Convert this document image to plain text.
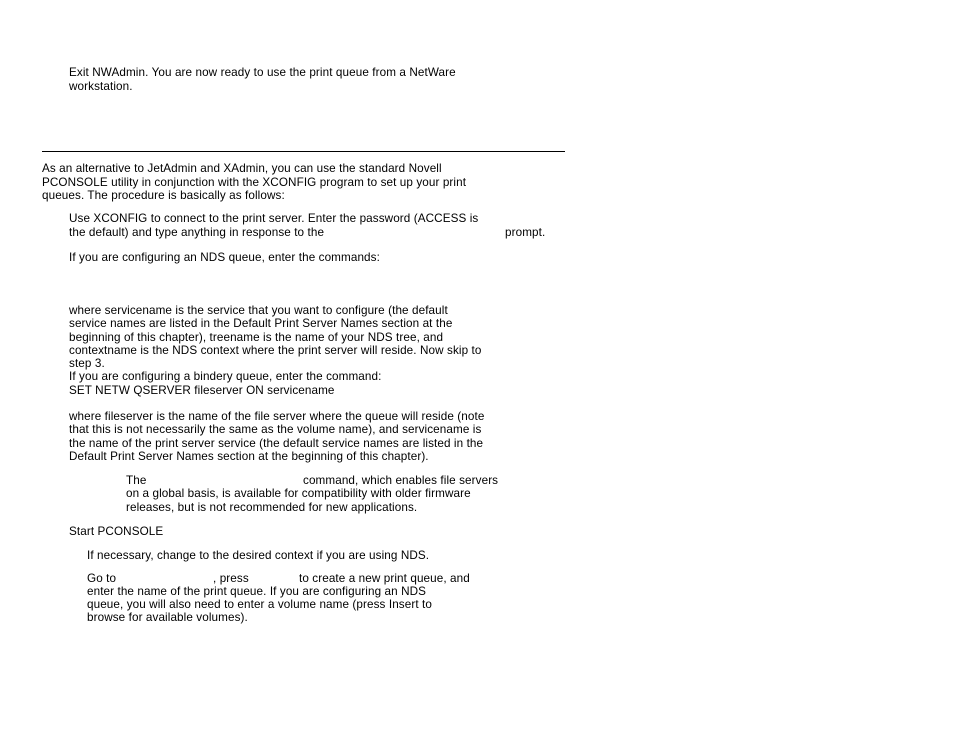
Exit NWAdmin. You are now ready to use the print queue from a NetWare

workstation.

As an alternative to JetAdmin and XAdmin, you can use the standard Novell

PCONSOLE utility in conjunction with the XCONFIG program to set up your print

queues. The procedure is basically as follows:

Use XCONFIG to connect to the print server. Enter the password (ACCESS is

the default) and type anything in response to the	prompt.

If you are configuring an NDS queue, enter the commands:

where servicename is the service that you want to configure (the default

service names are listed in the Default Print Server Names section at the

beginning of this chapter), treename is the name of your NDS tree, and

contextname is the NDS context where the print server will reside. Now skip to

step 3.

If you are configuring a bindery queue, enter the command:

SET NETW QSERVER fileserver ON servicename

where fileserver is the name of the file server where the queue will reside (note

that this is not necessarily the same as the volume name), and servicename is

the name of the print server service (the default service names are listed in the

Default Print Server Names section at the beginning of this chapter).

The	command, which enables file servers

on a global basis, is available for compatibility with older firmware

releases, but is not recommended for new applications.

Start PCONSOLE

If necessary, change to the desired context if you are using NDS.

Go to	, press	to create a new print queue, and

enter the name of the print queue. If you are configuring an NDS

queue, you will also need to enter a volume name (press Insert to

browse for available volumes).
